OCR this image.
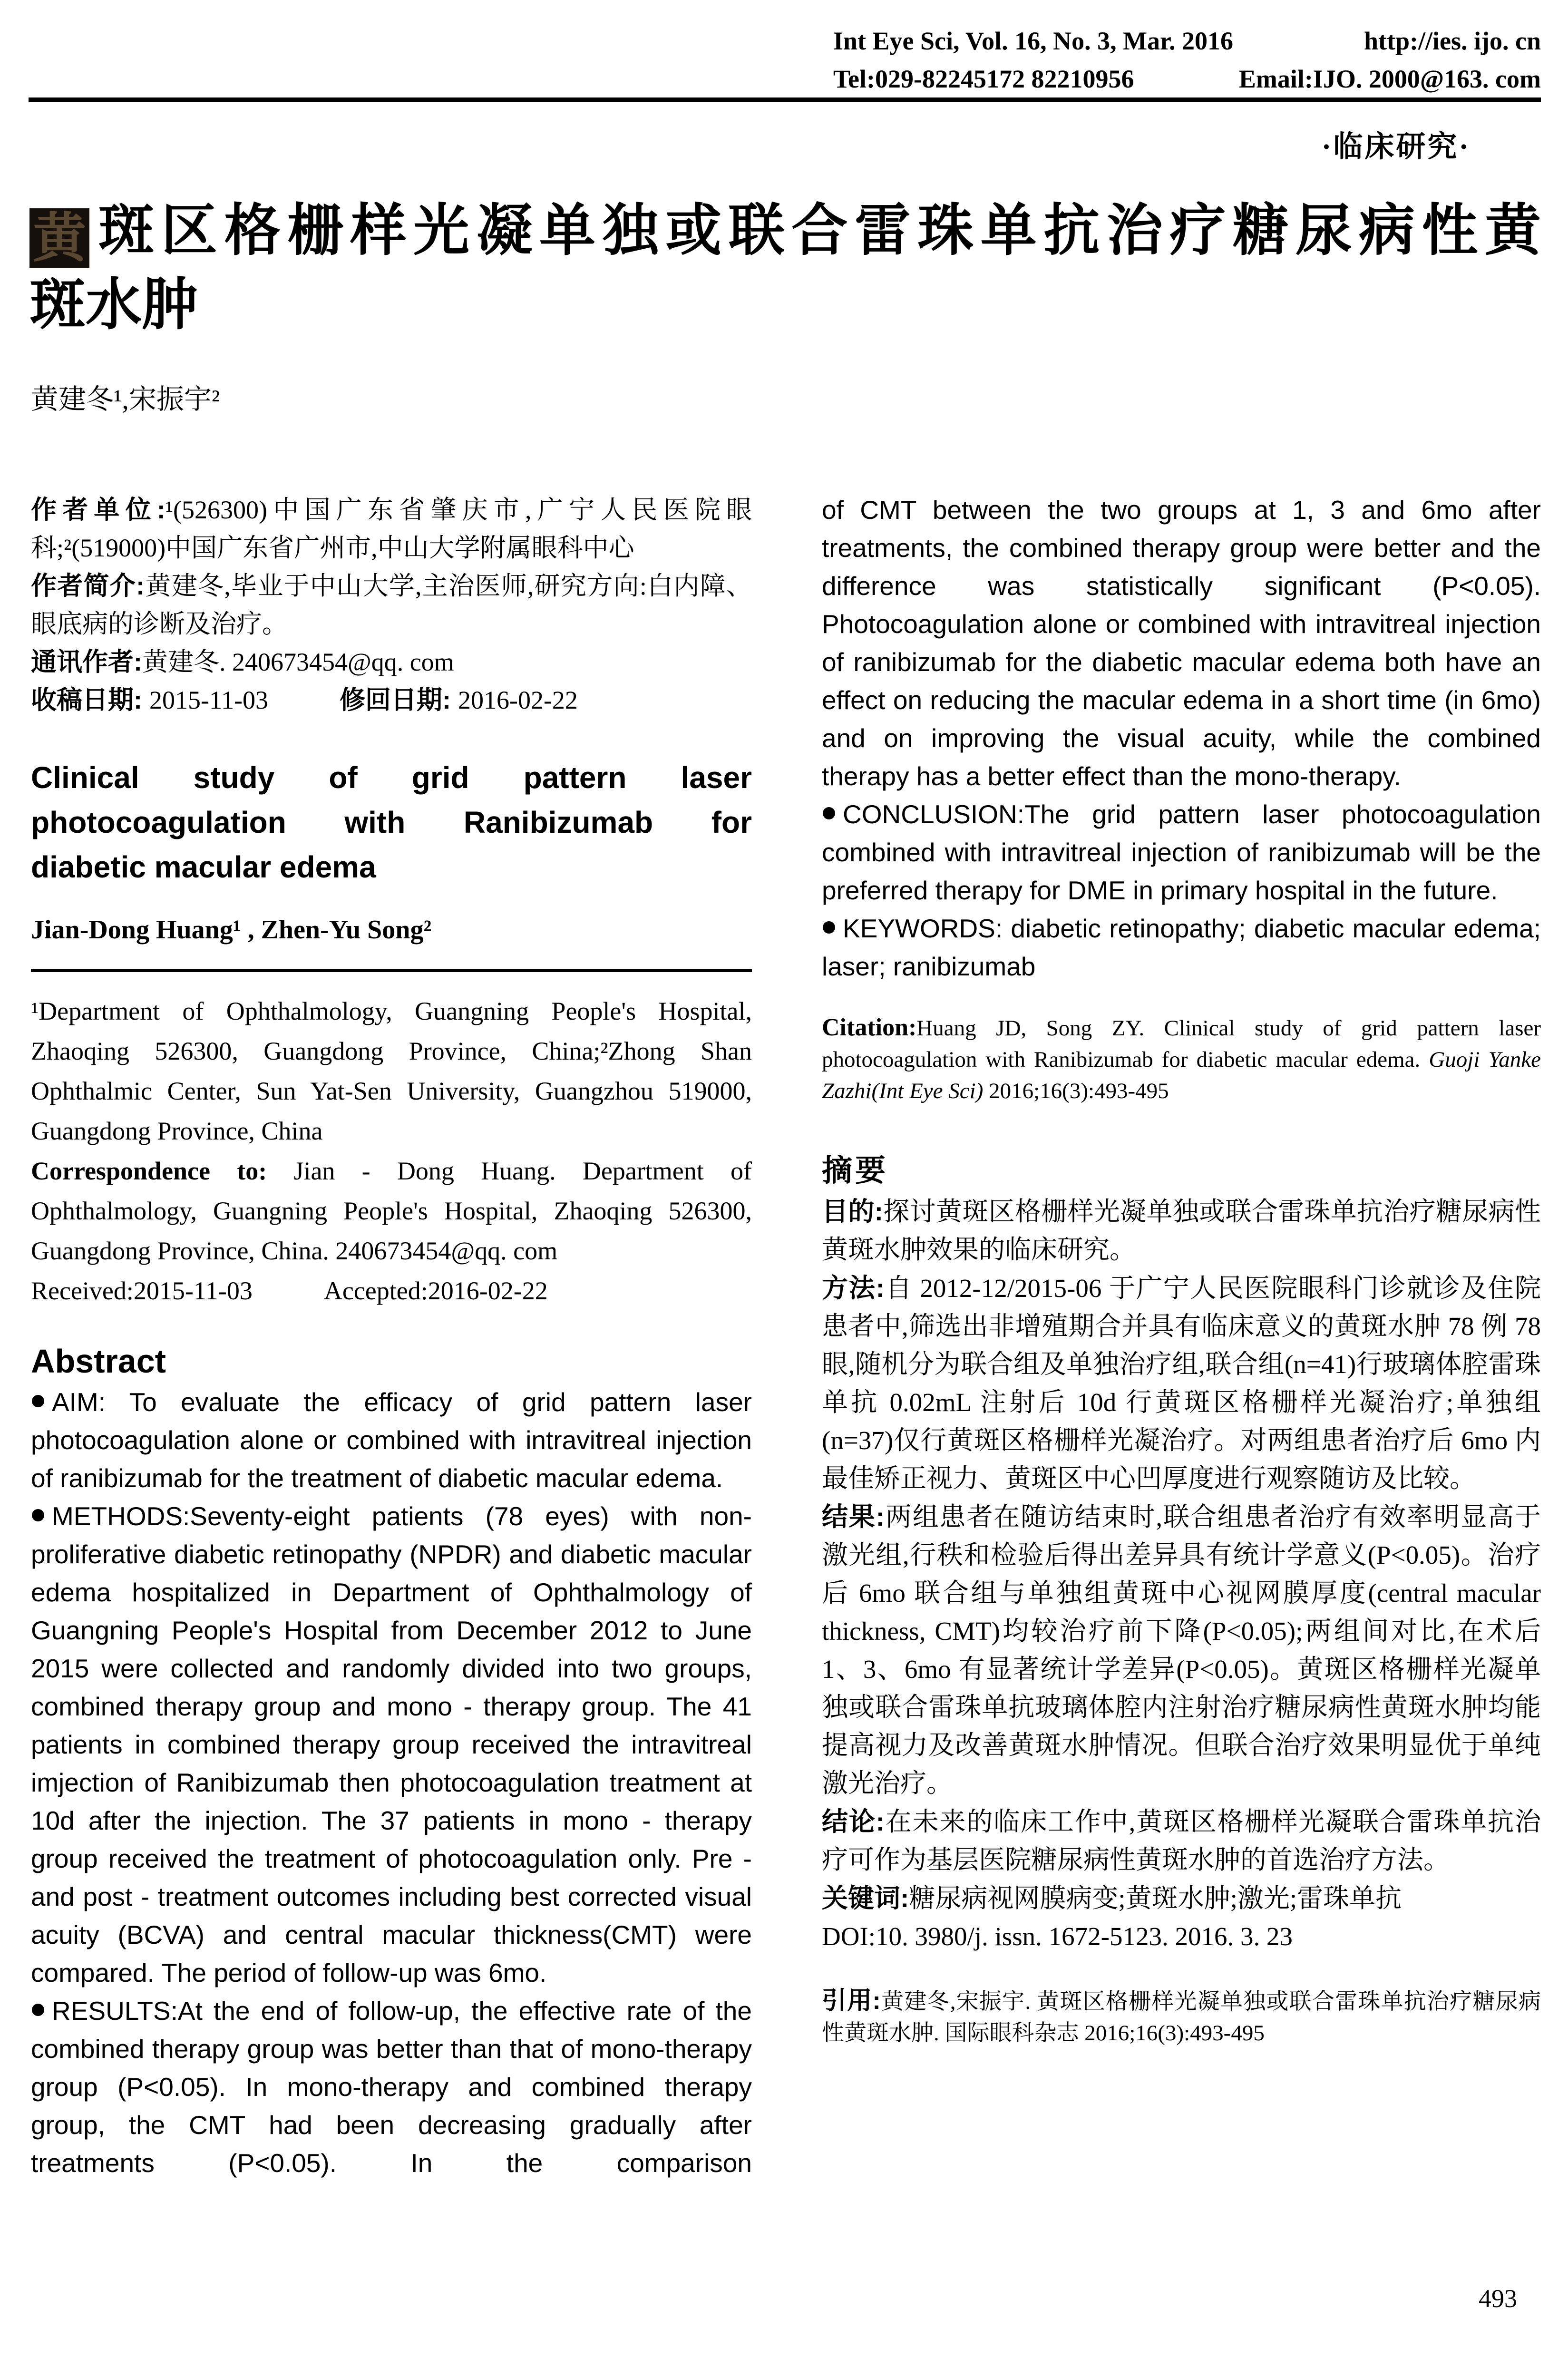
Int Eye Sci, Vol. 16, No. 3, Mar. 2016	http://ies. ijo. cn
Tel:029-82245172 82210956	Email:IJO. 2000@163. com
·临床研究·
黄斑区格栅样光凝单独或联合雷珠单抗治疗糖尿病性黄
斑水肿
黄建冬¹,宋振宇²

作者单位:¹(526300)中国广东省肇庆市,广宁人民医院眼科;²(519000)中国广东省广州市,中山大学附属眼科中心

作者简介:黄建冬,毕业于中山大学,主治医师,研究方向:白内障、眼底病的诊断及治疗。

通讯作者:黄建冬. 240673454@qq. com

收稿日期: 2015-11-03	修回日期: 2016-02-22

Clinical study of grid pattern laser
photocoagulation with Ranibizumab for
diabetic macular edema
Jian-Dong Huang¹ , Zhen-Yu Song²

¹Department of Ophthalmology, Guangning People's Hospital, Zhaoqing 526300, Guangdong Province, China;²Zhong Shan Ophthalmic Center, Sun Yat-Sen University, Guangzhou 519000, Guangdong Province, China

Correspondence to: Jian - Dong Huang. Department of Ophthalmology, Guangning People's Hospital, Zhaoqing 526300, Guangdong Province, China. 240673454@qq. com

Received:2015-11-03	Accepted:2016-02-22

Abstract

AIM: To evaluate the efficacy of grid pattern laser photocoagulation alone or combined with intravitreal injection of ranibizumab for the treatment of diabetic macular edema.

METHODS:Seventy-eight patients (78 eyes) with non-proliferative diabetic retinopathy (NPDR) and diabetic macular edema hospitalized in Department of Ophthalmology of Guangning People's Hospital from December 2012 to June 2015 were collected and randomly divided into two groups, combined therapy group and mono - therapy group. The 41 patients in combined therapy group received the intravitreal imjection of Ranibizumab then photocoagulation treatment at 10d after the injection. The 37 patients in mono - therapy group received the treatment of photocoagulation only. Pre - and post - treatment outcomes including best corrected visual acuity (BCVA) and central macular thickness(CMT) were compared. The period of follow-up was 6mo.

RESULTS:At the end of follow-up, the effective rate of the combined therapy group was better than that of mono-therapy group (P<0.05). In mono-therapy and combined therapy group, the CMT had been decreasing gradually after treatments (P<0.05). In the comparison

of CMT between the two groups at 1, 3 and 6mo after treatments, the combined therapy group were better and the difference was statistically significant (P<0.05). Photocoagulation alone or combined with intravitreal injection of ranibizumab for the diabetic macular edema both have an effect on reducing the macular edema in a short time (in 6mo) and on improving the visual acuity, while the combined therapy has a better effect than the mono-therapy.

CONCLUSION:The grid pattern laser photocoagulation combined with intravitreal injection of ranibizumab will be the preferred therapy for DME in primary hospital in the future.

KEYWORDS: diabetic retinopathy; diabetic macular edema; laser; ranibizumab

Citation:Huang JD, Song ZY. Clinical study of grid pattern laser photocoagulation with Ranibizumab for diabetic macular edema. Guoji Yanke Zazhi(Int Eye Sci) 2016;16(3):493-495

摘要

目的:探讨黄斑区格栅样光凝单独或联合雷珠单抗治疗糖尿病性黄斑水肿效果的临床研究。

方法:自 2012-12/2015-06 于广宁人民医院眼科门诊就诊及住院患者中,筛选出非增殖期合并具有临床意义的黄斑水肿 78 例 78 眼,随机分为联合组及单独治疗组,联合组(n=41)行玻璃体腔雷珠单抗 0.02mL 注射后 10d 行黄斑区格栅样光凝治疗;单独组(n=37)仅行黄斑区格栅样光凝治疗。对两组患者治疗后 6mo 内最佳矫正视力、黄斑区中心凹厚度进行观察随访及比较。

结果:两组患者在随访结束时,联合组患者治疗有效率明显高于激光组,行秩和检验后得出差异具有统计学意义(P<0.05)。治疗后 6mo 联合组与单独组黄斑中心视网膜厚度(central macular thickness, CMT)均较治疗前下降(P<0.05);两组间对比,在术后 1、3、6mo 有显著统计学差异(P<0.05)。黄斑区格栅样光凝单独或联合雷珠单抗玻璃体腔内注射治疗糖尿病性黄斑水肿均能提高视力及改善黄斑水肿情况。但联合治疗效果明显优于单纯激光治疗。

结论:在未来的临床工作中,黄斑区格栅样光凝联合雷珠单抗治疗可作为基层医院糖尿病性黄斑水肿的首选治疗方法。

关键词:糖尿病视网膜病变;黄斑水肿;激光;雷珠单抗

DOI:10. 3980/j. issn. 1672-5123. 2016. 3. 23

引用:黄建冬,宋振宇. 黄斑区格栅样光凝单独或联合雷珠单抗治疗糖尿病性黄斑水肿. 国际眼科杂志 2016;16(3):493-495

493
